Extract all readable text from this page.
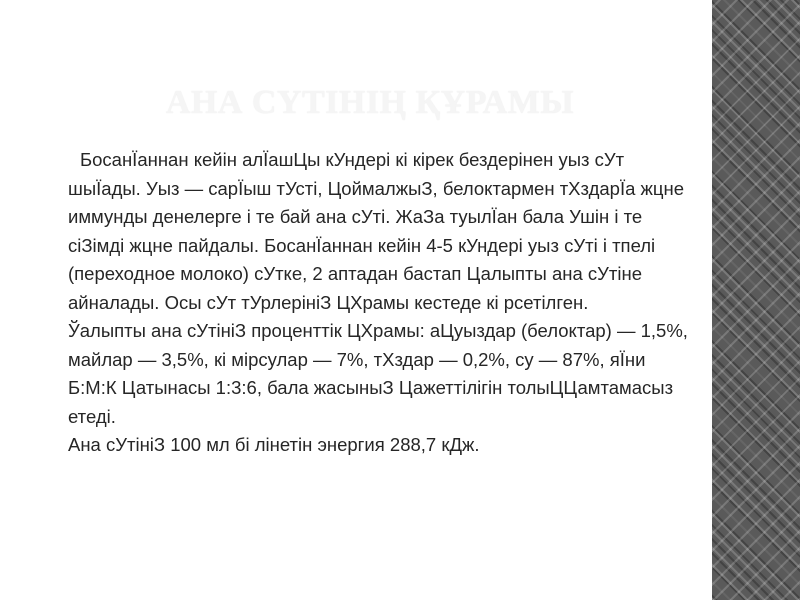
АНА СҮТІНІҢ ҚҰРАМЫ

БосанЇаннан кейін алЇашЦы кУндері кі кірек бездерінен уыз сУт шыЇады. Уыз — сарЇыш тУсті, ЦоймалжыЗ, белоктармен тХздарЇа жцне иммунды денелерге і те бай ана сУті. ЖаЗа туылЇан бала Ушін і те сіЗімді жцне пайдалы. БосанЇаннан кейін 4-5 кУндері уыз сУті і тпелі (переходное молоко) сУтке, 2 аптадан бастап Цалыпты ана сУтіне айналады. Осы сУт тУрлерініЗ ЦХрамы кестеде кі рсетілген.

Ўалыпты ана сУтініЗ проценттік ЦХрамы: аЦуыздар (белоктар) — 1,5%, майлар — 3,5%, кі мірсулар — 7%, тХздар — 0,2%, су — 87%, яЇни Б:М:К Цатынасы 1:3:6, бала жасыныЗ Цажеттілігін толыЦЦамтамасыз етеді.

Ана сУтініЗ 100 мл бі лінетін энергия 288,7 кДж.
